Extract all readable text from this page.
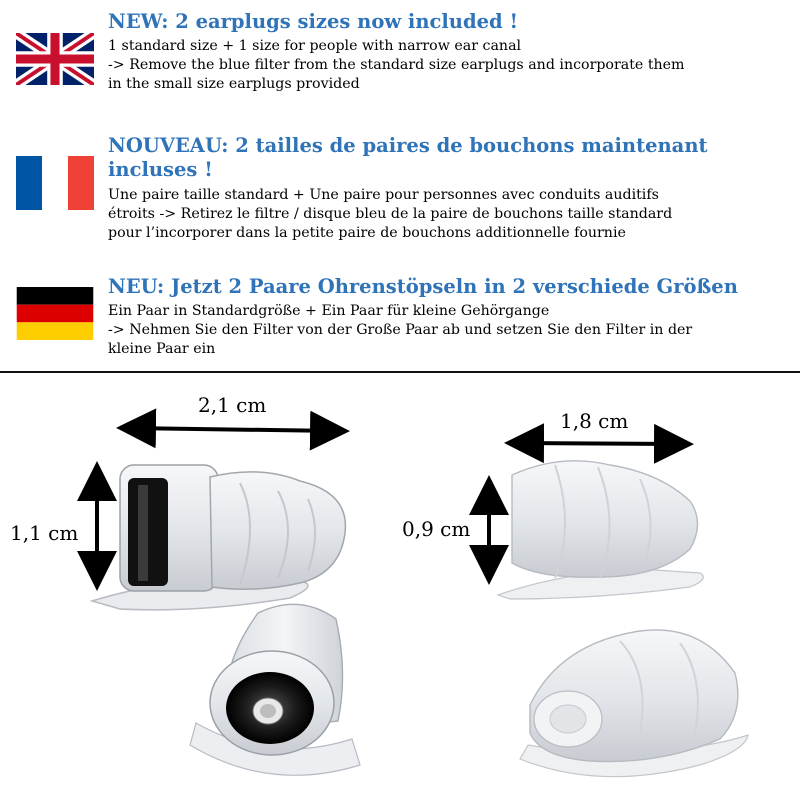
NEW: 2 earplugs sizes now included !
1 standard size + 1 size for people with narrow ear canal
-> Remove the blue filter from the standard size earplugs and incorporate them
in the small size earplugs provided
NOUVEAU: 2 tailles de paires de bouchons maintenant
incluses !
Une paire taille standard + Une paire pour personnes avec conduits auditifs
étroits -> Retirez le filtre / disque bleu de la paire de bouchons taille standard
pour l’incorporer dans la petite paire de bouchons additionnelle fournie
NEU: Jetzt 2 Paare Ohrenstöpseln in 2 verschiede Größen
Ein Paar in Standardgröße + Ein Paar für kleine Gehörgange
-> Nehmen Sie den Filter von der Große Paar ab und setzen Sie den Filter in der
kleine Paar ein
2,1 cm
1,1 cm
1,8 cm
0,9 cm
